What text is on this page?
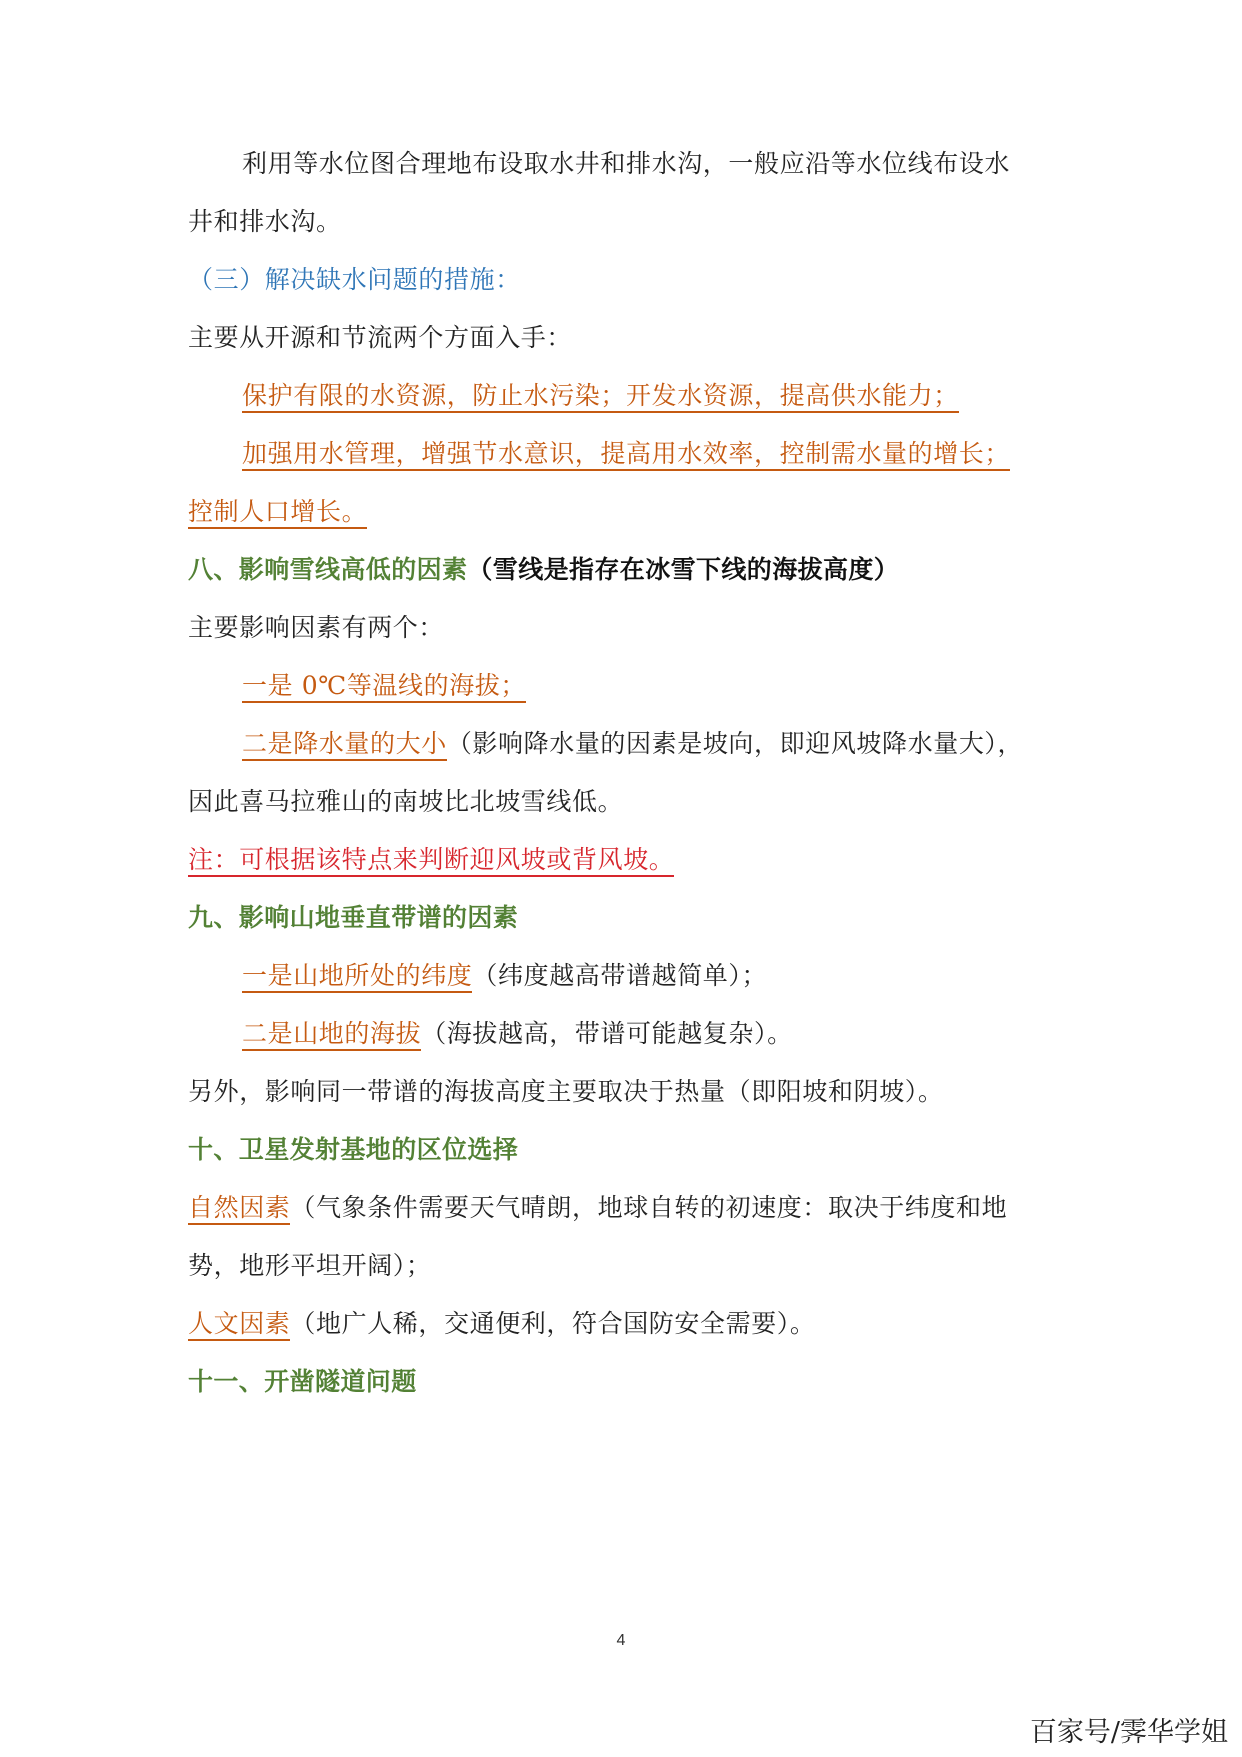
利用等水位图合理地布设取水井和排水沟，一般应沿等水位线布设水
井和排水沟。
（三）解决缺水问题的措施：
主要从开源和节流两个方面入手：
保护有限的水资源，防止水污染；开发水资源，提高供水能力；
加强用水管理，增强节水意识，提高用水效率，控制需水量的增长；
控制人口增长。
八、影响雪线高低的因素（雪线是指存在冰雪下线的海拔高度）
主要影响因素有两个：
一是 0℃等温线的海拔；
二是降水量的大小（影响降水量的因素是坡向，即迎风坡降水量大），
因此喜马拉雅山的南坡比北坡雪线低。
注：可根据该特点来判断迎风坡或背风坡。
九、影响山地垂直带谱的因素
一是山地所处的纬度（纬度越高带谱越简单）；
二是山地的海拔（海拔越高，带谱可能越复杂）。
另外，影响同一带谱的海拔高度主要取决于热量（即阳坡和阴坡）。
十、卫星发射基地的区位选择
自然因素（气象条件需要天气晴朗，地球自转的初速度：取决于纬度和地
势，地形平坦开阔）；
人文因素（地广人稀，交通便利，符合国防安全需要）。
十一、开凿隧道问题
4
百家号/霁华学姐
